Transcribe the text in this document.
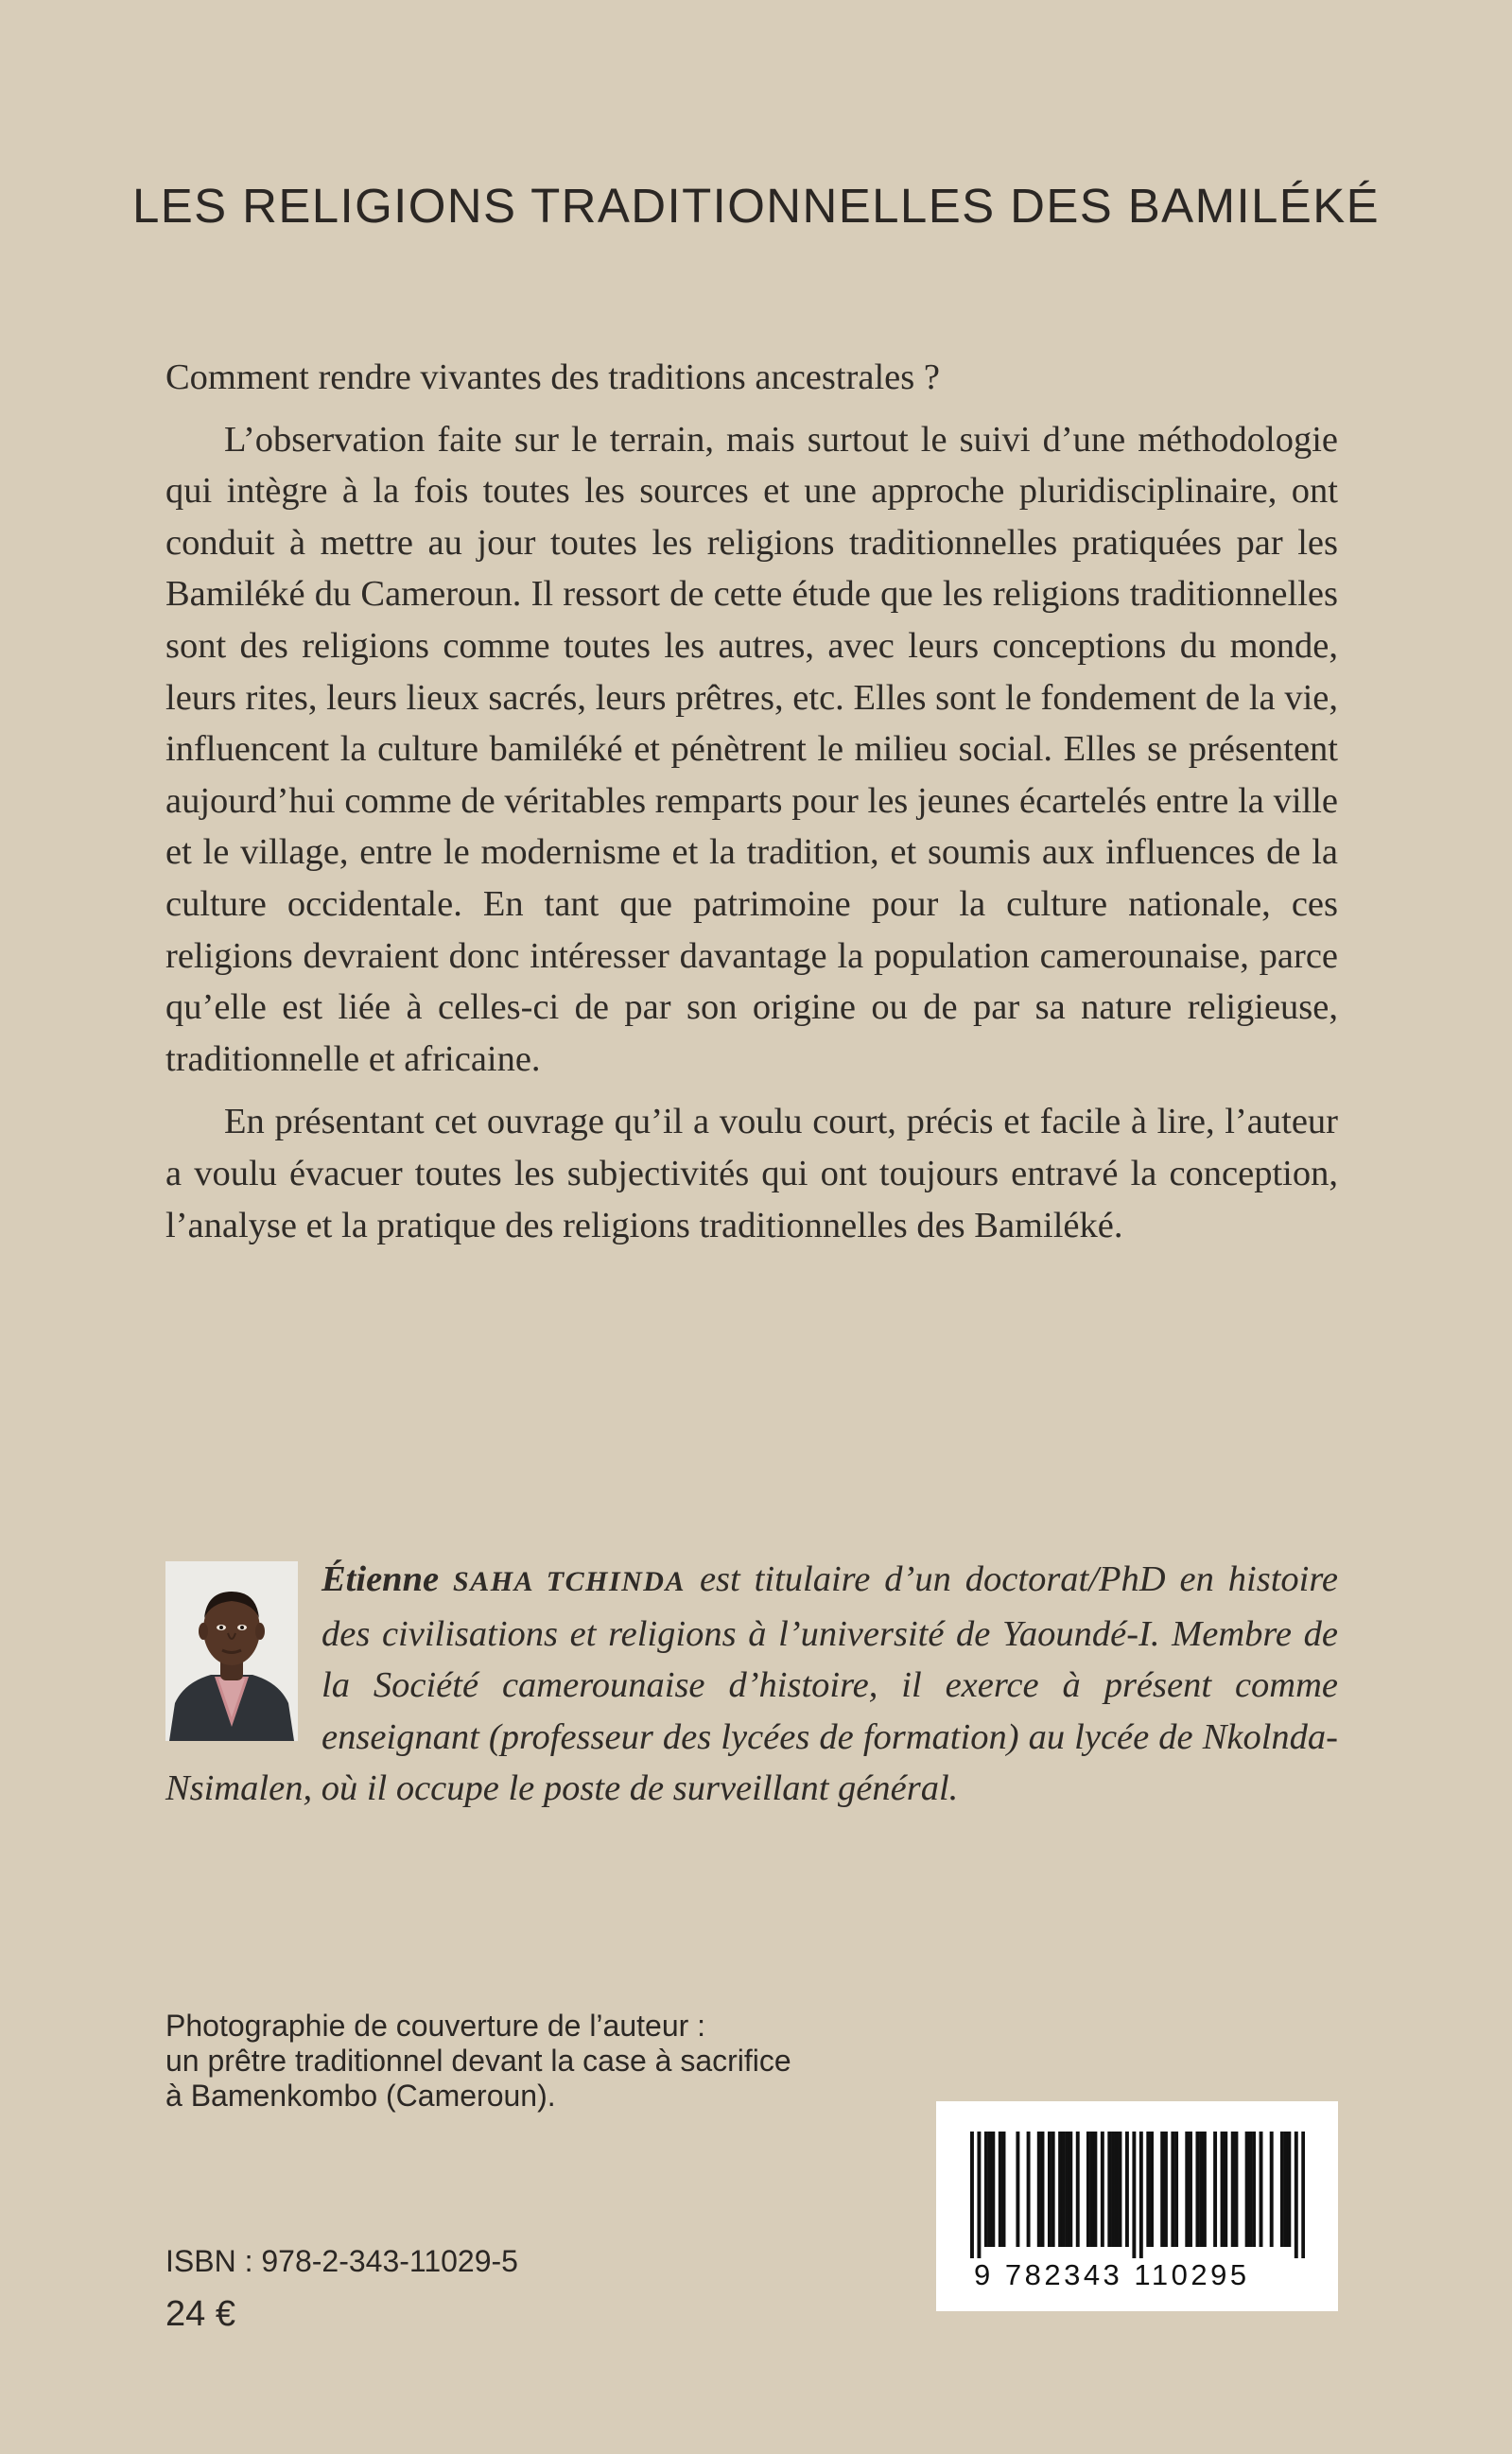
LES RELIGIONS TRADITIONNELLES DES BAMILÉKÉ

Comment rendre vivantes des traditions ancestrales ?

L’observation faite sur le terrain, mais surtout le suivi d’une méthodologie qui intègre à la fois toutes les sources et une approche pluridisciplinaire, ont conduit à mettre au jour toutes les religions traditionnelles pratiquées par les Bamiléké du Cameroun. Il ressort de cette étude que les religions traditionnelles sont des religions comme toutes les autres, avec leurs conceptions du monde, leurs rites, leurs lieux sacrés, leurs prêtres, etc. Elles sont le fondement de la vie, influencent la culture bamiléké et pénètrent le milieu social. Elles se présentent aujourd’hui comme de véritables remparts pour les jeunes écartelés entre la ville et le village, entre le modernisme et la tradition, et soumis aux influences de la culture occidentale. En tant que patrimoine pour la culture nationale, ces religions devraient donc intéresser davantage la population camerounaise, parce qu’elle est liée à celles-ci de par son origine ou de par sa nature religieuse, traditionnelle et africaine.

En présentant cet ouvrage qu’il a voulu court, précis et facile à lire, l’auteur a voulu évacuer toutes les subjectivités qui ont toujours entravé la conception, l’analyse et la pratique des religions traditionnelles des Bamiléké.

Étienne SAHA TCHINDA est titulaire d’un doctorat/PhD en histoire des civilisations et religions à l’université de Yaoundé-I. Membre de la Société camerounaise d’histoire, il exerce à présent comme enseignant (professeur des lycées de formation) au lycée de Nkolnda-Nsimalen, où il occupe le poste de surveillant général.

Photographie de couverture de l’auteur :
un prêtre traditionnel devant la case à sacrifice
à Bamenkombo (Cameroun).
ISBN : 978-2-343-11029-5
24 €
9 782343 110295
